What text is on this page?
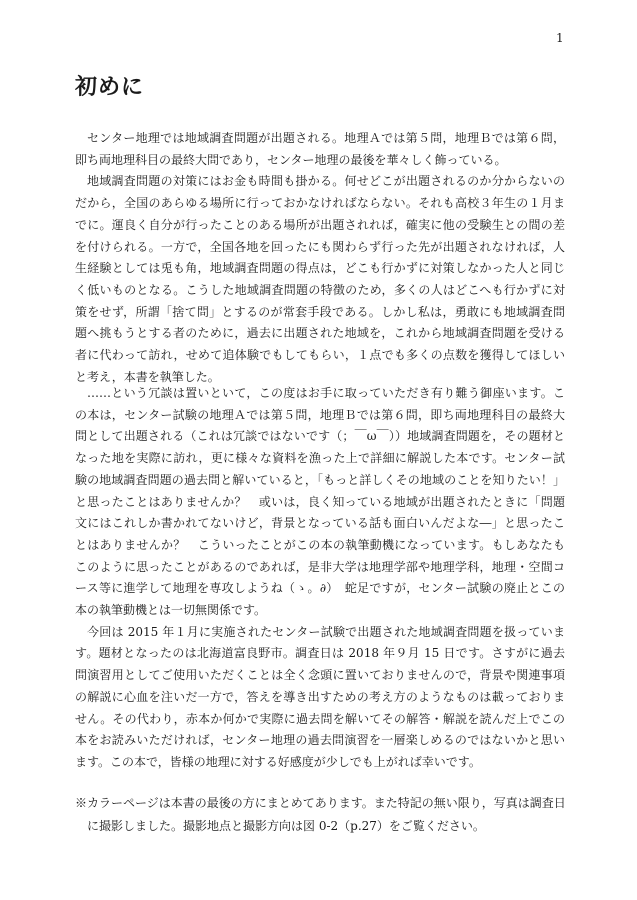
1
初めに

センター地理では地域調査問題が出題される。地理Ａでは第５問，地理Ｂでは第６問，即ち両地理科目の最終大問であり，センター地理の最後を華々しく飾っている。

地域調査問題の対策にはお金も時間も掛かる。何せどこが出題されるのか分からないのだから，全国のあらゆる場所に行っておかなければならない。それも高校３年生の１月までに。運良く自分が行ったことのある場所が出題されれば，確実に他の受験生との間の差を付けられる。一方で，全国各地を回ったにも関わらず行った先が出題されなければ，人生経験としては兎も角，地域調査問題の得点は，どこも行かずに対策しなかった人と同じく低いものとなる。こうした地域調査問題の特徴のため，多くの人はどこへも行かずに対策をせず，所謂「捨て問」とするのが常套手段である。しかし私は，勇敢にも地域調査問題へ挑もうとする者のために，過去に出題された地域を，これから地域調査問題を受ける者に代わって訪れ，せめて追体験でもしてもらい，１点でも多くの点数を獲得してほしいと考え，本書を執筆した。

……という冗談は置いといて，この度はお手に取っていただき有り難う御座います。この本は，センター試験の地理Ａでは第５問，地理Ｂでは第６問，即ち両地理科目の最終大問として出題される（これは冗談ではないです（；￣ω￣））地域調査問題を，その題材となった地を実際に訪れ，更に様々な資料を漁った上で詳細に解説した本です。センター試験の地域調査問題の過去問と解いていると，「もっと詳しくその地域のことを知りたい！」と思ったことはありませんか？　或いは，良く知っている地域が出題されたときに「問題文にはこれしか書かれてないけど，背景となっている話も面白いんだよな―」と思ったことはありませんか？　こういったことがこの本の執筆動機になっています。もしあなたもこのように思ったことがあるのであれば，是非大学は地理学部や地理学科，地理・空間コース等に進学して地理を専攻しようね（ゝ。∂）　蛇足ですが，センター試験の廃止とこの本の執筆動機とは一切無関係です。

今回は 2015 年１月に実施されたセンター試験で出題された地域調査問題を扱っています。題材となったのは北海道富良野市。調査日は 2018 年９月 15 日です。さすがに過去問演習用としてご使用いただくことは全く念頭に置いておりませんので，背景や関連事項の解説に心血を注いだ一方で，答えを導き出すための考え方のようなものは載っておりません。その代わり，赤本か何かで実際に過去問を解いてその解答・解説を読んだ上でこの本をお読みいただければ，センター地理の過去問演習を一層楽しめるのではないかと思います。この本で，皆様の地理に対する好感度が少しでも上がれば幸いです。

※カラーページは本書の最後の方にまとめてあります。また特記の無い限り，写真は調査日に撮影しました。撮影地点と撮影方向は図 0-2（p.27）をご覧ください。
